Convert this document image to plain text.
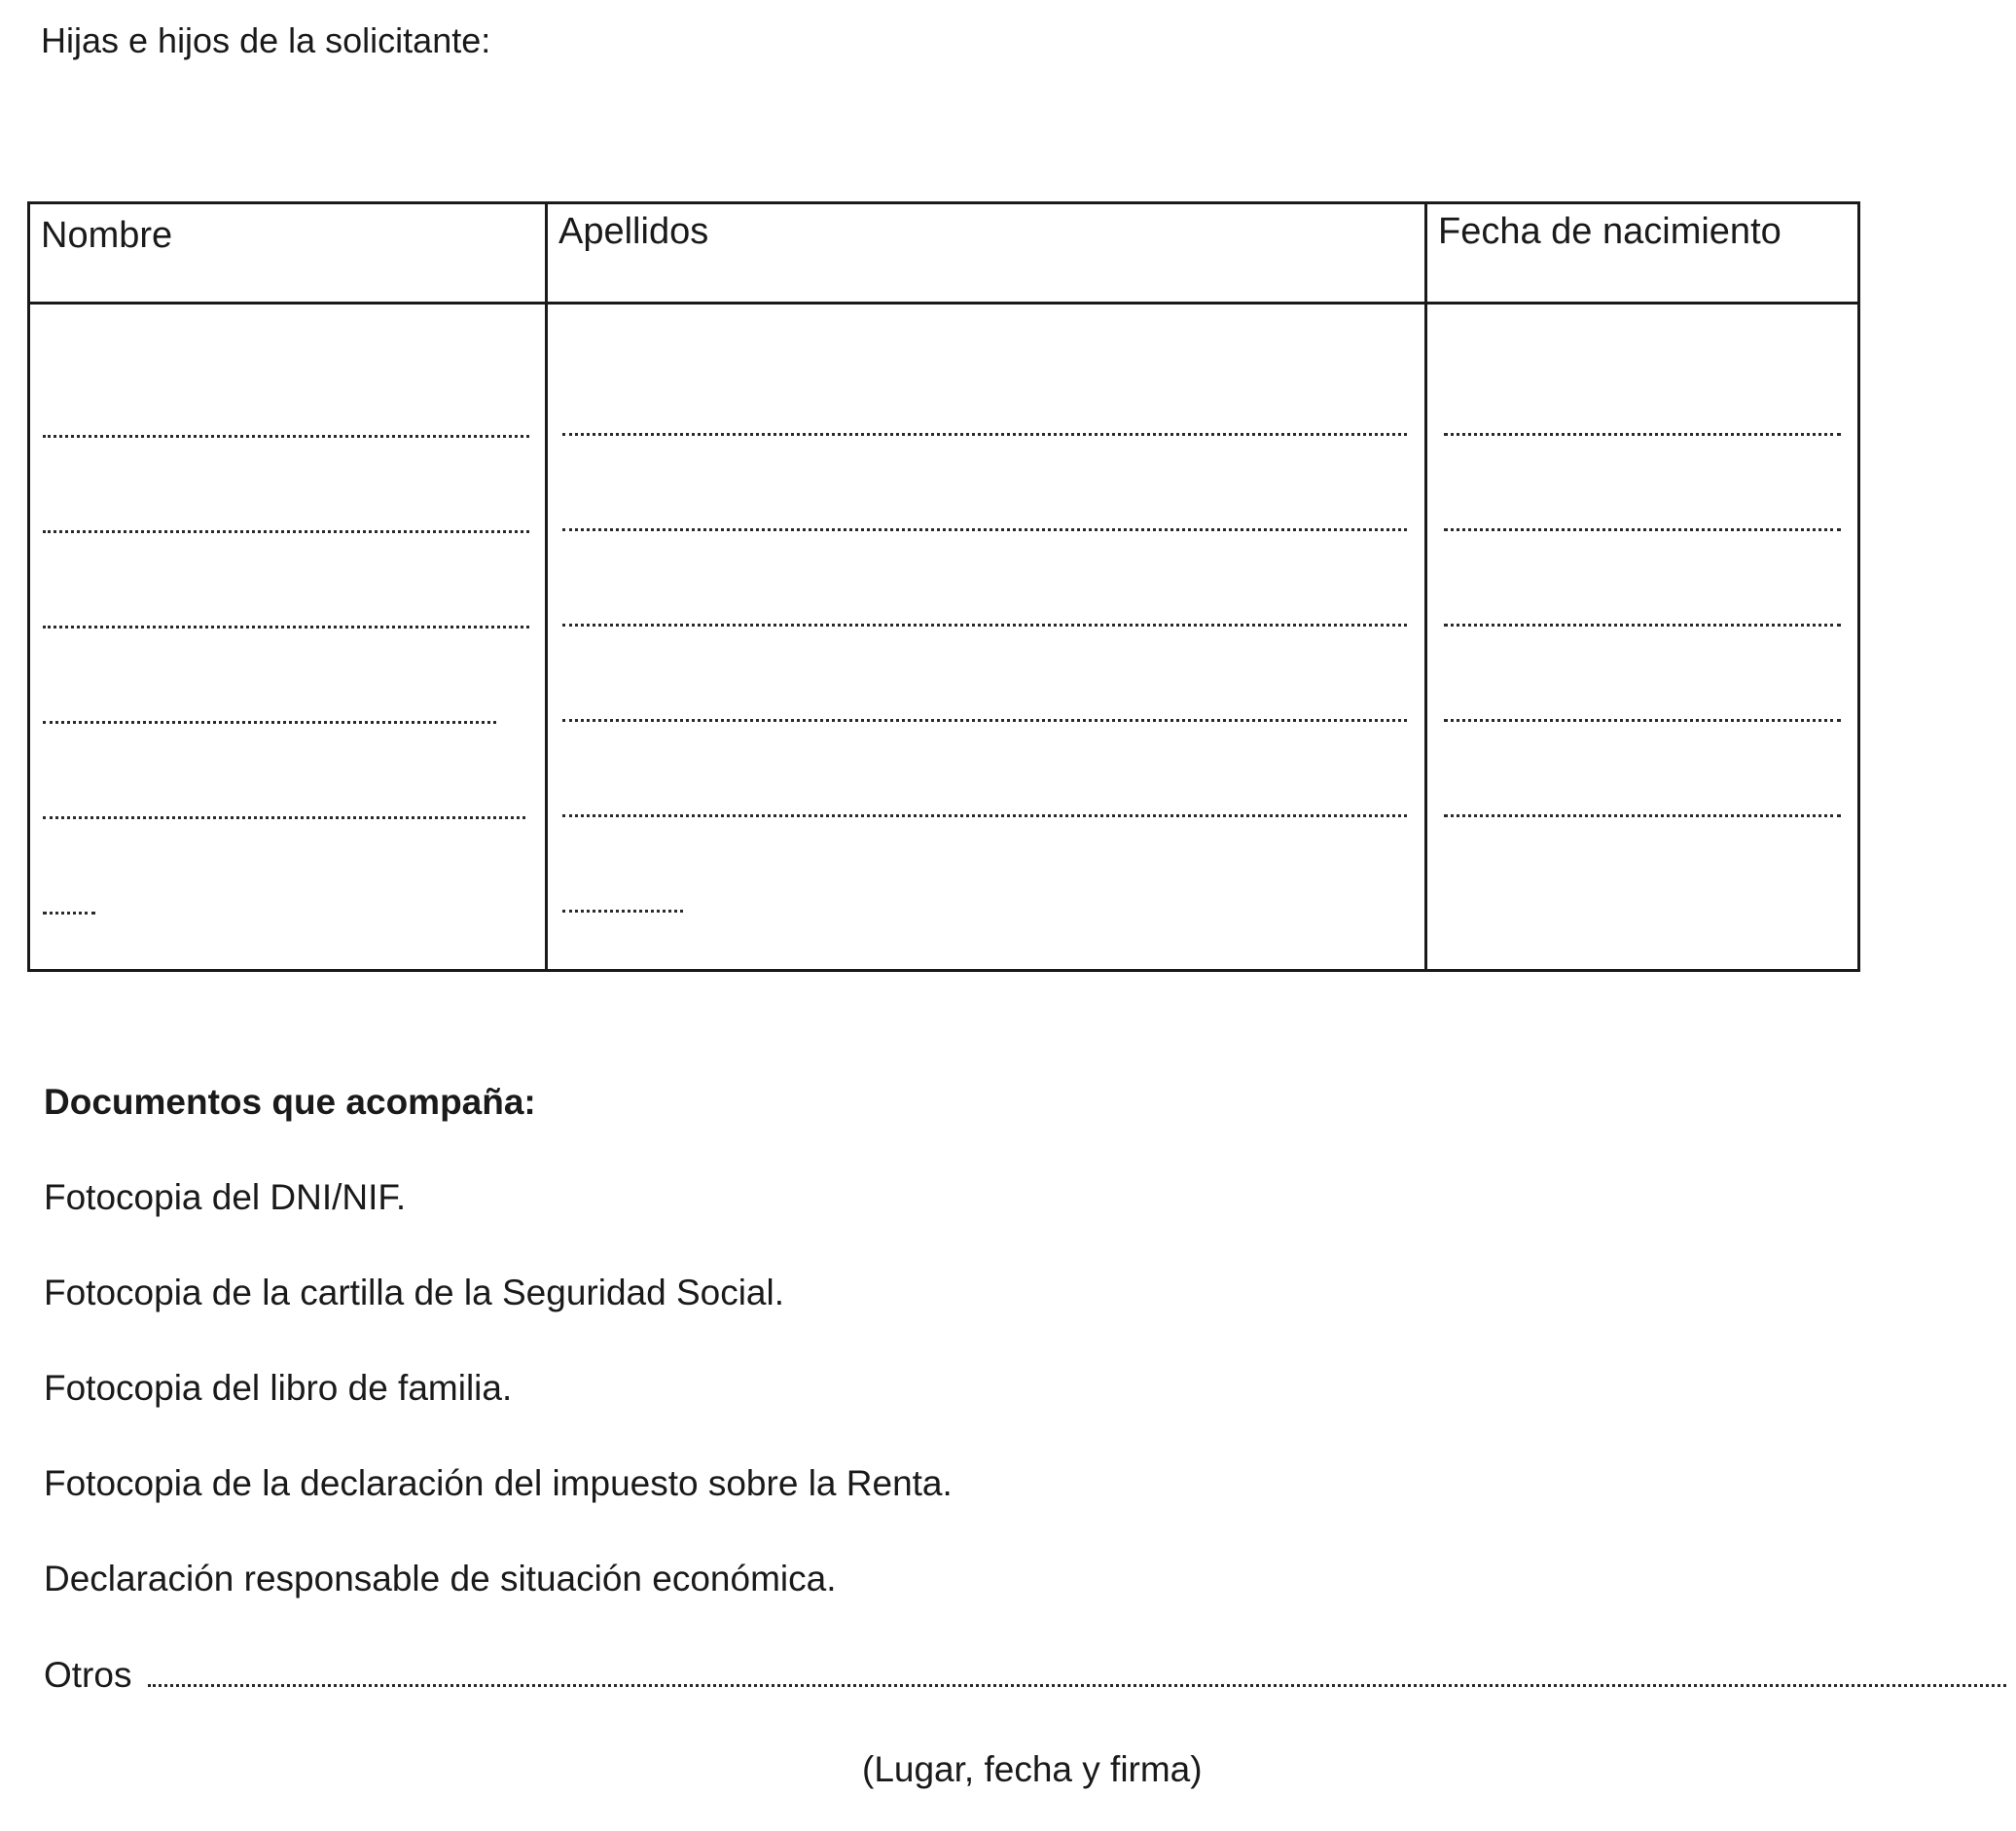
Hijas e hijos de la solicitante:
Nombre	Apellidos	Fecha de nacimiento
Documentos que acompaña:
Fotocopia del DNI/NIF.
Fotocopia de la cartilla de la Seguridad Social.
Fotocopia del libro de familia.
Fotocopia de la declaración del impuesto sobre la Renta.
Declaración responsable de situación económica.
Otros
(Lugar, fecha y firma)
